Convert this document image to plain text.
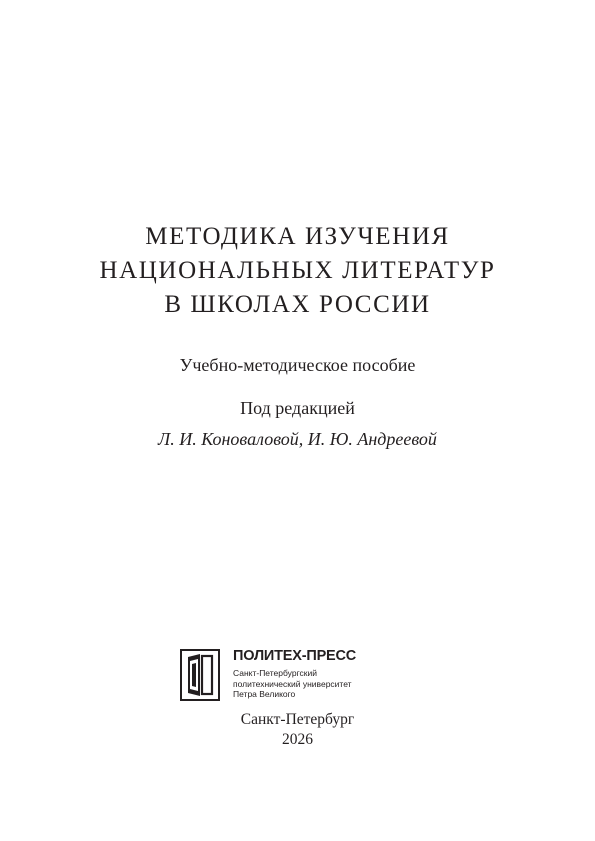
МЕТОДИКА ИЗУЧЕНИЯ
НАЦИОНАЛЬНЫХ ЛИТЕРАТУР
В ШКОЛАХ РОССИИ
Учебно-методическое пособие
Под редакцией
Л. И. Коноваловой, И. Ю. Андреевой
ПОЛИТЕХ-ПРЕСС
Санкт-Петербургский
политехнический университет
Петра Великого
Санкт-Петербург
2026
